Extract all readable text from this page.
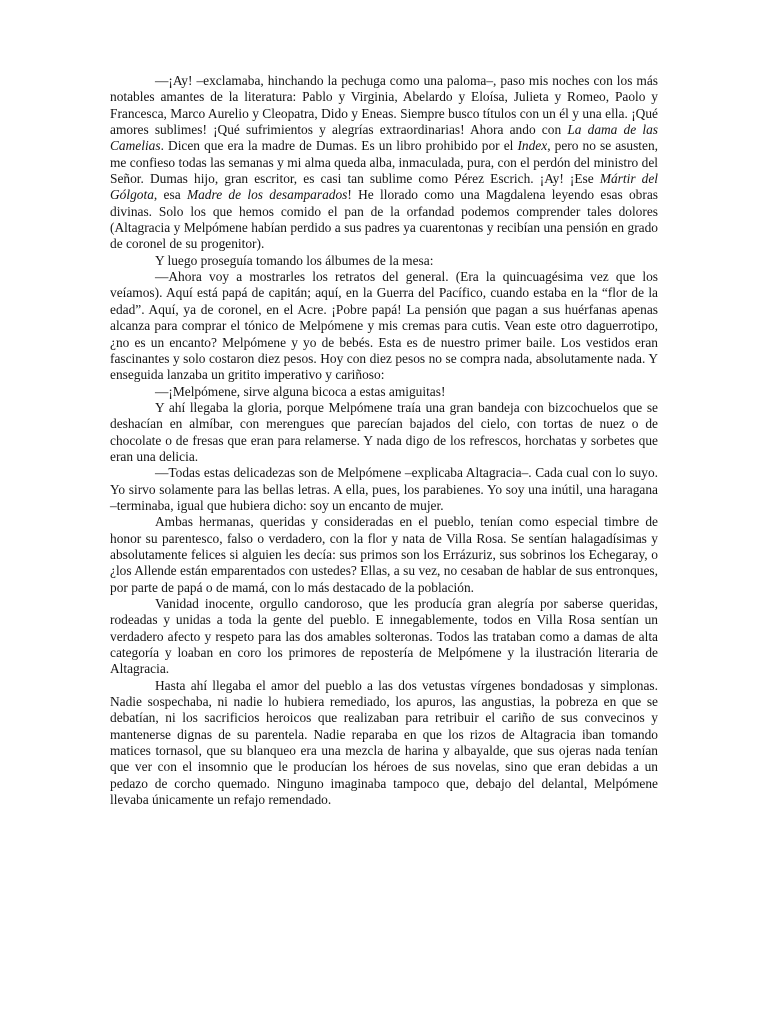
—¡Ay! –exclamaba, hinchando la pechuga como una paloma–, paso mis noches con los más notables amantes de la literatura: Pablo y Virginia, Abelardo y Eloísa, Julieta y Romeo, Paolo y Francesca, Marco Aurelio y Cleopatra, Dido y Eneas. Siempre busco títulos con un él y una ella. ¡Qué amores sublimes! ¡Qué sufrimientos y alegrías extraordinarias! Ahora ando con La dama de las Camelias. Dicen que era la madre de Dumas. Es un libro prohibido por el Index, pero no se asusten, me confieso todas las semanas y mi alma queda alba, inmaculada, pura, con el perdón del ministro del Señor. Dumas hijo, gran escritor, es casi tan sublime como Pérez Escrich. ¡Ay! ¡Ese Mártir del Gólgota, esa Madre de los desamparados! He llorado como una Magdalena leyendo esas obras divinas. Solo los que hemos comido el pan de la orfandad podemos comprender tales dolores (Altagracia y Melpómene habían perdido a sus padres ya cuarentonas y recibían una pensión en grado de coronel de su progenitor).

Y luego proseguía tomando los álbumes de la mesa:

—Ahora voy a mostrarles los retratos del general. (Era la quincuagésima vez que los veíamos). Aquí está papá de capitán; aquí, en la Guerra del Pacífico, cuando estaba en la “flor de la edad”. Aquí, ya de coronel, en el Acre. ¡Pobre papá! La pensión que pagan a sus huérfanas apenas alcanza para comprar el tónico de Melpómene y mis cremas para cutis. Vean este otro daguerrotipo, ¿no es un encanto? Melpómene y yo de bebés. Esta es de nuestro primer baile. Los vestidos eran fascinantes y solo costaron diez pesos. Hoy con diez pesos no se compra nada, absolutamente nada. Y enseguida lanzaba un gritito imperativo y cariñoso:

—¡Melpómene, sirve alguna bicoca a estas amiguitas!

Y ahí llegaba la gloria, porque Melpómene traía una gran bandeja con bizcochuelos que se deshacían en almíbar, con merengues que parecían bajados del cielo, con tortas de nuez o de chocolate o de fresas que eran para relamerse. Y nada digo de los refrescos, horchatas y sorbetes que eran una delicia.

—Todas estas delicadezas son de Melpómene –explicaba Altagracia–. Cada cual con lo suyo. Yo sirvo solamente para las bellas letras. A ella, pues, los parabienes. Yo soy una inútil, una haragana –terminaba, igual que hubiera dicho: soy un encanto de mujer.

Ambas hermanas, queridas y consideradas en el pueblo, tenían como especial timbre de honor su parentesco, falso o verdadero, con la flor y nata de Villa Rosa. Se sentían halagadísimas y absolutamente felices si alguien les decía: sus primos son los Errázuriz, sus sobrinos los Echegaray, o ¿los Allende están emparentados con ustedes? Ellas, a su vez, no cesaban de hablar de sus entronques, por parte de papá o de mamá, con lo más destacado de la población.

Vanidad inocente, orgullo candoroso, que les producía gran alegría por saberse queridas, rodeadas y unidas a toda la gente del pueblo. E innegablemente, todos en Villa Rosa sentían un verdadero afecto y respeto para las dos amables solteronas. Todos las trataban como a damas de alta categoría y loaban en coro los primores de repostería de Melpómene y la ilustración literaria de Altagracia.

Hasta ahí llegaba el amor del pueblo a las dos vetustas vírgenes bondadosas y simplonas. Nadie sospechaba, ni nadie lo hubiera remediado, los apuros, las angustias, la pobreza en que se debatían, ni los sacrificios heroicos que realizaban para retribuir el cariño de sus convecinos y mantenerse dignas de su parentela. Nadie reparaba en que los rizos de Altagracia iban tomando matices tornasol, que su blanqueo era una mezcla de harina y albayalde, que sus ojeras nada tenían que ver con el insomnio que le producían los héroes de sus novelas, sino que eran debidas a un pedazo de corcho quemado. Ninguno imaginaba tampoco que, debajo del delantal, Melpómene llevaba únicamente un refajo remendado.
